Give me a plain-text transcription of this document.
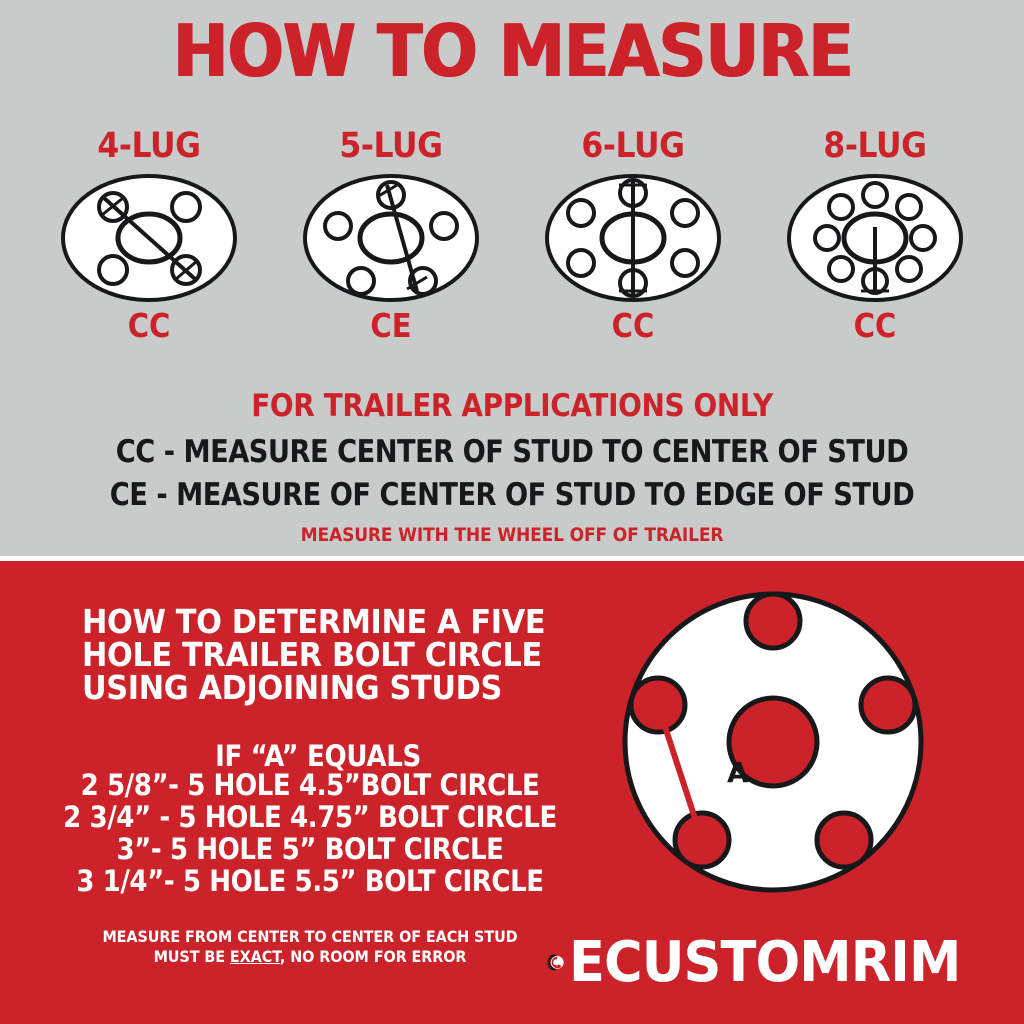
HOW TO MEASURE
4-LUG
CC
5-LUG
CE
6-LUG
CC
8-LUG
CC
FOR TRAILER APPLICATIONS ONLY
CC - MEASURE CENTER OF STUD TO CENTER OF STUD
CE - MEASURE OF CENTER OF STUD TO EDGE OF STUD
MEASURE WITH THE WHEEL OFF OF TRAILER
HOW TO DETERMINE A FIVE
HOLE TRAILER BOLT CIRCLE
USING ADJOINING STUDS
IF “A” EQUALS
2 5/8”- 5 HOLE 4.5”BOLT CIRCLE
2 3/4” - 5 HOLE 4.75” BOLT CIRCLE
3”- 5 HOLE 5” BOLT CIRCLE
3 1/4”- 5 HOLE 5.5” BOLT CIRCLE
MEASURE FROM CENTER TO CENTER OF EACH STUD
MUST BE EXACT, NO ROOM FOR ERROR
A
ECUSTOMRIM
